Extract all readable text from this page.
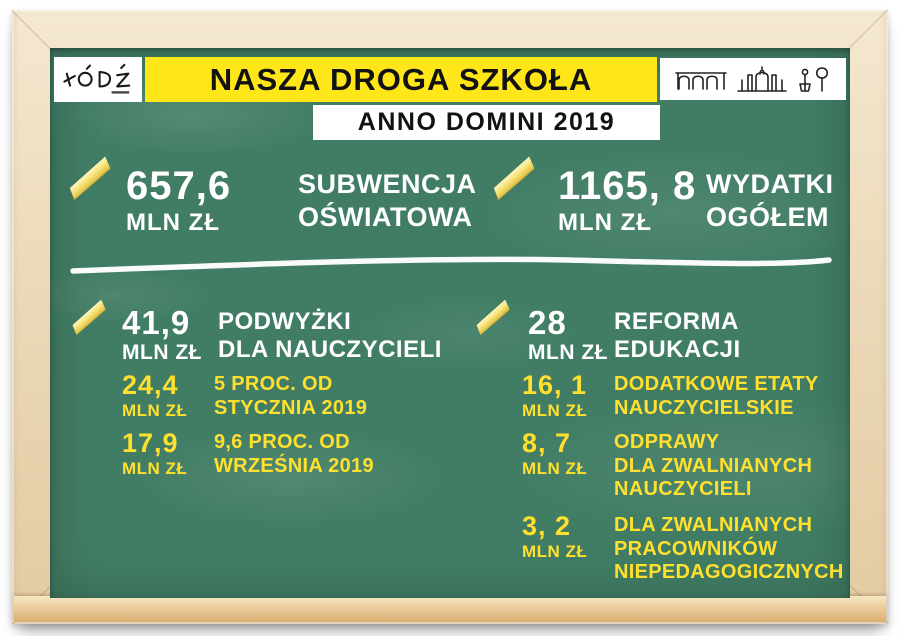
NASZA DROGA SZKOŁA
ANNO DOMINI 2019
657,6
MLN ZŁ
SUBWENCJA
OŚWIATOWA
1165, 8
MLN ZŁ
WYDATKI
OGÓŁEM
41,9
MLN ZŁ
PODWYŻKI
DLA NAUCZYCIELI
28
MLN ZŁ
REFORMA
EDUKACJI
24,4
MLN ZŁ
5 PROC. OD
STYCZNIA 2019
17,9
MLN ZŁ
9,6 PROC. OD
WRZEŚNIA 2019
16, 1
MLN ZŁ
DODATKOWE ETATY
NAUCZYCIELSKIE
8, 7
MLN ZŁ
ODPRAWY
DLA ZWALNIANYCH
NAUCZYCIELI
3, 2
MLN ZŁ
DLA ZWALNIANYCH
PRACOWNIKÓW
NIEPEDAGOGICZNYCH
